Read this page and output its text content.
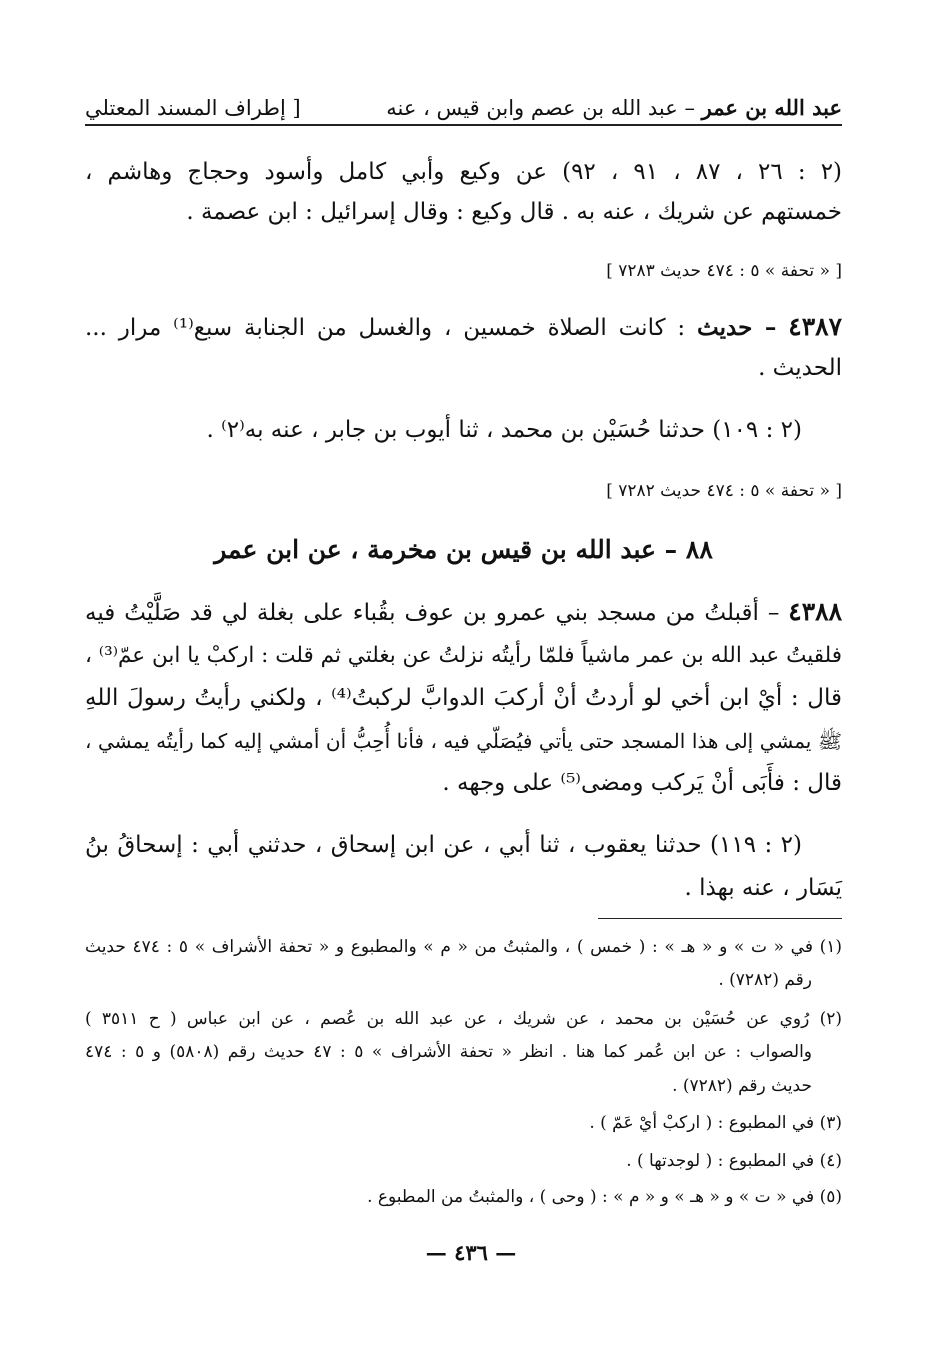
عبد الله بن عمر – عبد الله بن عصم وابن قيس ، عنه
[ إطراف المسند المعتلي
(٢ : ٢٦ ، ٨٧ ، ٩١ ، ٩٢) عن وكيع وأبي كامل وأسود وحجاج وهاشم ،
خمستهم عن شريك ، عنه به . قال وكيع : وقال إسرائيل : ابن عصمة .
[ « تحفة » ٥ : ٤٧٤ حديث ٧٢٨٣ ]
٤٣٨٧ – حديث : كانت الصلاة خمسين ، والغسل من الجنابة سبع⁽¹⁾ مرار ...
الحديث .
(٢ : ١٠٩) حدثنا حُسَيْن بن محمد ، ثنا أيوب بن جابر ، عنه به⁽٢⁾ .
[ « تحفة » ٥ : ٤٧٤ حديث ٧٢٨٢ ]
٨٨ – عبد الله بن قيس بن مخرمة ، عن ابن عمر
٤٣٨٨ – أقبلتُ من مسجد بني عمرو بن عوف بقُباء على بغلة لي قد صَلَّيْتُ فيه
فلقيتُ عبد الله بن عمر ماشياً فلمّا رأيتُه نزلتُ عن بغلتي ثم قلت : اركبْ يا ابن عمّ⁽³⁾ ،
قال : أيْ ابن أخي لو أردتُ أنْ أركبَ الدوابَّ لركبتُ⁽⁴⁾ ، ولكني رأيتُ رسولَ اللهِ
ﷺ يمشي إلى هذا المسجد حتى يأتي فيُصَلّي فيه ، فأنا أُحِبُّ أن أمشي إليه كما رأيتُه يمشي ،
قال : فأَبَى أنْ يَركب ومضى⁽⁵⁾ على وجهه .
(٢ : ١١٩) حدثنا يعقوب ، ثنا أبي ، عن ابن إسحاق ، حدثني أبي : إسحاقُ بنُ
يَسَار ، عنه بهذا .
(١) في « ت » و « هـ » : ( خمس ) ، والمثبتُ من « م » والمطبوع و « تحفة الأشراف » ٥ : ٤٧٤ حديث
رقم (٧٢٨٢) .
(٢) رُوي عن حُسَيْن بن محمد ، عن شريك ، عن عبد الله بن عُصم ، عن ابن عباس ( ح ٣٥١١ )
والصواب : عن ابن عُمر كما هنا . انظر « تحفة الأشراف » ٥ : ٤٧ حديث رقم (٥٨٠٨) و ٥ : ٤٧٤
حديث رقم (٧٢٨٢) .
(٣) في المطبوع : ( اركبْ أيْ عَمّ ) .
(٤) في المطبوع : ( لوجدتها ) .
(٥) في « ت » و « هـ » و « م » : ( وحى ) ، والمثبتُ من المطبوع .
— ٤٣٦ —
